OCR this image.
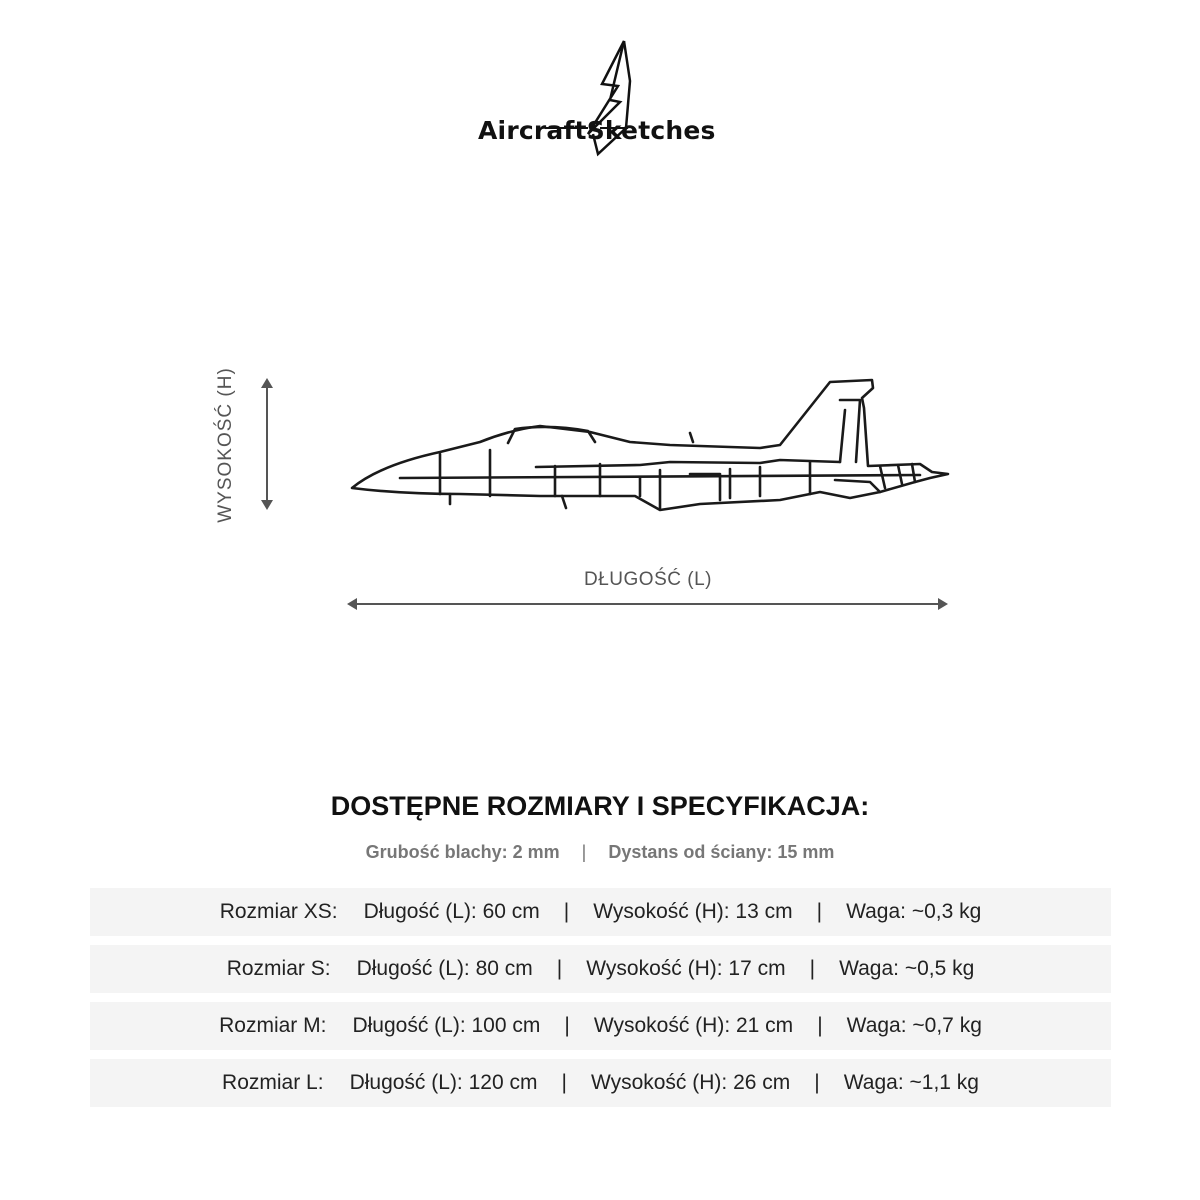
AircraftSketches
WYSOKOŚĆ (H)
DŁUGOŚĆ (L)
DOSTĘPNE ROZMIARY I SPECYFIKACJA:
Grubość blachy: 2 mm | Dystans od ściany: 15 mm
Rozmiar XS: Długość (L): 60 cm | Wysokość (H): 13 cm | Waga: ~0,3 kg
Rozmiar S: Długość (L): 80 cm | Wysokość (H): 17 cm | Waga: ~0,5 kg
Rozmiar M: Długość (L): 100 cm | Wysokość (H): 21 cm | Waga: ~0,7 kg
Rozmiar L: Długość (L): 120 cm | Wysokość (H): 26 cm | Waga: ~1,1 kg
